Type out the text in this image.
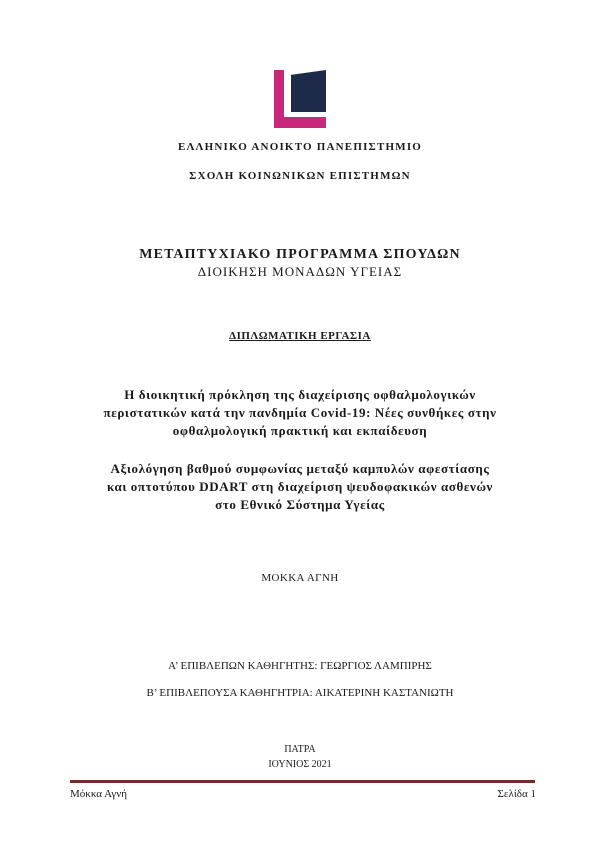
ΕΛΛΗΝΙΚΟ ΑΝΟΙΚΤΟ ΠΑΝΕΠΙΣΤΗΜΙΟ
ΣΧΟΛΗ ΚΟΙΝΩΝΙΚΩΝ ΕΠΙΣΤΗΜΩΝ
ΜΕΤΑΠΤΥΧΙΑΚΟ ΠΡΟΓΡΑΜΜΑ ΣΠΟΥΔΩΝ
ΔΙΟΙΚΗΣΗ ΜΟΝΑΔΩΝ ΥΓΕΙΑΣ
ΔΙΠΛΩΜΑΤΙΚΗ ΕΡΓΑΣΙΑ
Η διοικητική πρόκληση της διαχείρισης οφθαλμολογικών
περιστατικών κατά την πανδημία Covid-19: Νέες συνθήκες στην
οφθαλμολογική πρακτική και εκπαίδευση
Αξιολόγηση βαθμού συμφωνίας μεταξύ καμπυλών αφεστίασης
και οπτοτύπου DDART στη διαχείριση ψευδοφακικών ασθενών
στο Εθνικό Σύστημα Υγείας
ΜΟΚΚΑ ΑΓΝΗ
Α’ ΕΠΙΒΛΕΠΩΝ ΚΑΘΗΓΗΤΗΣ: ΓΕΩΡΓΙΟΣ ΛΑΜΠΙΡΗΣ
Β’ ΕΠΙΒΛΕΠΟΥΣΑ ΚΑΘΗΓΗΤΡΙΑ: ΑΙΚΑΤΕΡΙΝΗ ΚΑΣΤΑΝΙΩΤΗ
ΠΑΤΡΑ
ΙΟΥΝΙΟΣ 2021
Μόκκα Αγνή	Σελίδα 1
